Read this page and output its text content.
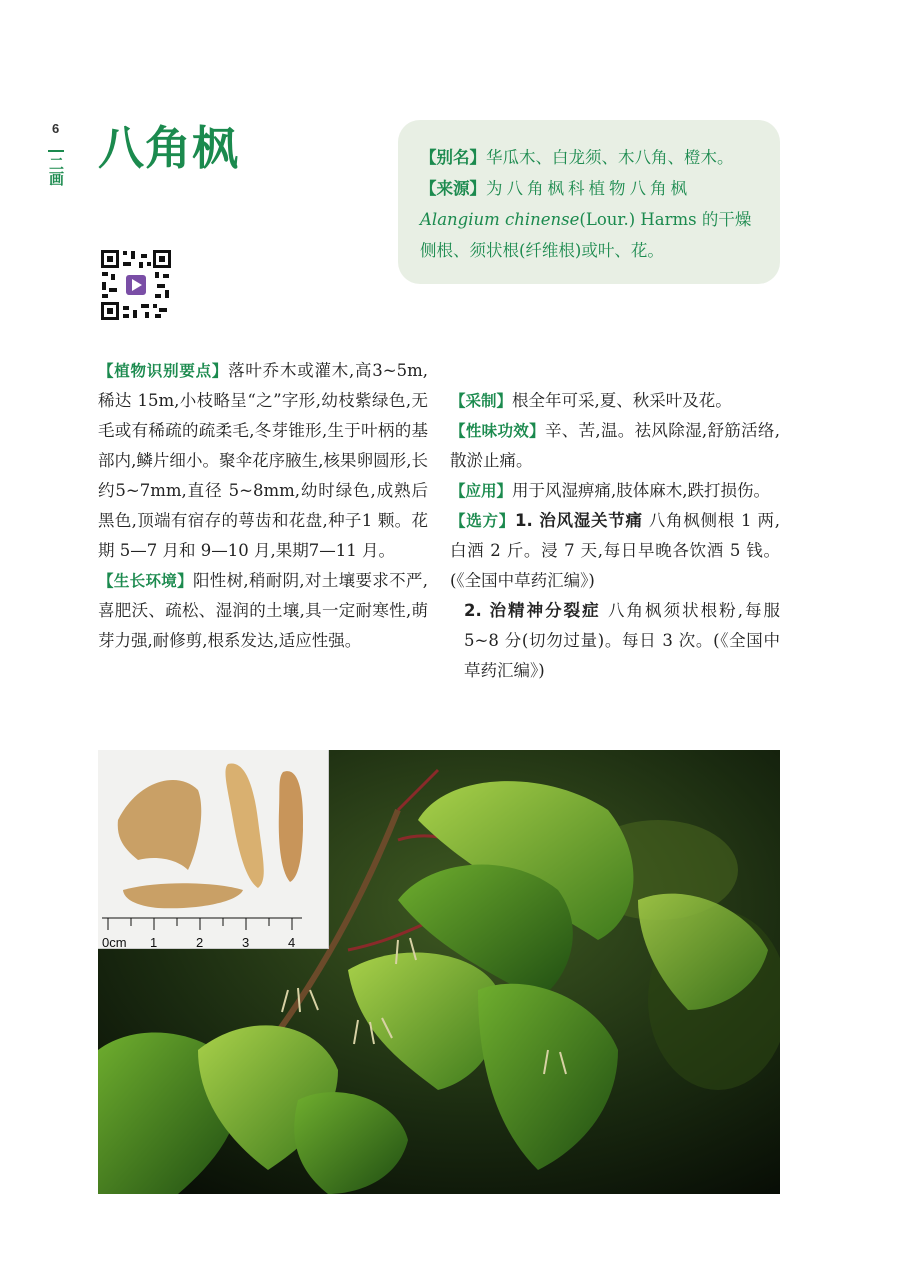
6
二画 八角枫	【别名】华瓜木、白龙须、木八角、橙木。
【来源】为八角枫科植物八角枫 Alangium chinense(Lour.) Harms 的干燥侧根、须状根(纤维根)或叶、花。

【植物识别要点】落叶乔木或灌木,高3~5m,稀达 15m,小枝略呈“之”字形,幼枝紫绿色,无毛或有稀疏的疏柔毛,冬芽锥形,生于叶柄的基部内,鳞片细小。聚伞花序腋生,核果卵圆形,长约5~7mm,直径 5~8mm,幼时绿色,成熟后黑色,顶端有宿存的萼齿和花盘,种子1 颗。花期 5—7 月和 9—10 月,果期7—11 月。

【生长环境】阳性树,稍耐阴,对土壤要求不严,喜肥沃、疏松、湿润的土壤,具一定耐寒性,萌芽力强,耐修剪,根系发达,适应性强。

【采制】根全年可采,夏、秋采叶及花。

【性味功效】辛、苦,温。祛风除湿,舒筋活络,散淤止痛。

【应用】用于风湿痹痛,肢体麻木,跌打损伤。

【选方】1. 治风湿关节痛 八角枫侧根 1 两,白酒 2 斤。浸 7 天,每日早晚各饮酒 5 钱。(《全国中草药汇编》)

2. 治精神分裂症 八角枫须状根粉,每服 5~8 分(切勿过量)。每日 3 次。(《全国中草药汇编》)

0cm 1	2	3	4
